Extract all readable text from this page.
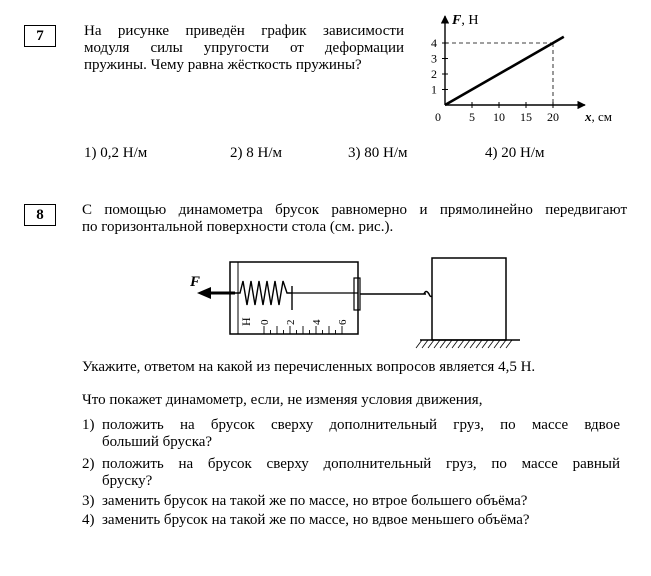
7	На рисунке приведён график зависимости
модуля силы упругости от деформации
пружины. Чему равна жёсткость пружины?
F, Н
x, см
0 5 10 15 20
1
2
3
4
1) 0,2 Н/м	2) 8 Н/м	3) 80 Н/м	4) 20 Н/м
8	С помощью динамометра брусок равномерно и прямолинейно передвигают
по горизонтальной поверхности стола (см. рис.).
F
Н 0 2 4 6
Укажите, ответом на какой из перечисленных вопросов является 4,5 Н.
Что покажет динамометр, если, не изменяя условия движения,
1) положить на брусок сверху дополнительный груз, по массе вдвое
больший бруска?
2) положить на брусок сверху дополнительный груз, по массе равный
бруску?
3) заменить брусок на такой же по массе, но втрое большего объёма?
4) заменить брусок на такой же по массе, но вдвое меньшего объёма?
